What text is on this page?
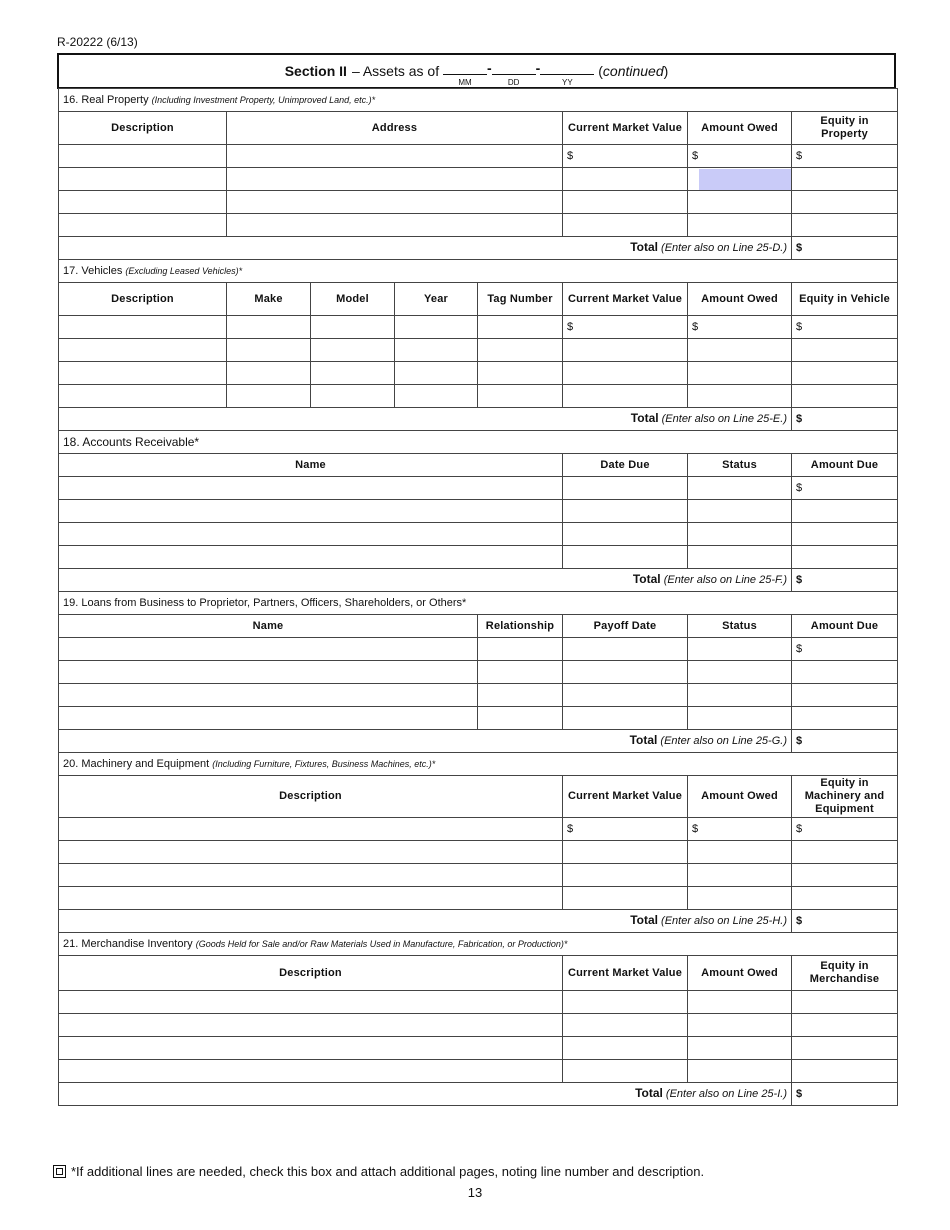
R-20222 (6/13)
Section II – Assets as of

MM
-
DD
-
YY
( continued )
16. Real Property (Including Investment Property, Unimproved Land, etc.)*							
Description	Address				Current Market Value	Amount Owed	Equity in Property
					$	$	$

Total (Enter also on Line 25-D.)							$
17. Vehicles (Excluding Leased Vehicles)*							
Description	Make	Model	Year	Tag Number	Current Market Value	Amount Owed	Equity in Vehicle
					$	$	$

Total (Enter also on Line 25-E.)							$
18. Accounts Receivable*							
Name					Date Due	Status	Amount Due
							$

Total (Enter also on Line 25-F.)							$
19. Loans from Business to Proprietor, Partners, Officers, Shareholders, or Others*							
Name				Relationship	Payoff Date	Status	Amount Due
							$

Total (Enter also on Line 25-G.)							$
20. Machinery and Equipment (Including Furniture, Fixtures, Business Machines, etc.)*							
Description					Current Market Value	Amount Owed	Equity in Machinery and Equipment
					$	$	$

Total (Enter also on Line 25-H.)							$
21. Merchandise Inventory (Goods Held for Sale and/or Raw Materials Used in Manufacture, Fabrication, or Production)*							
Description					Current Market Value	Amount Owed	Equity in Merchandise

Total (Enter also on Line 25-I.)							$
*If additional lines are needed, check this box and attach additional pages, noting line number and description.
13
